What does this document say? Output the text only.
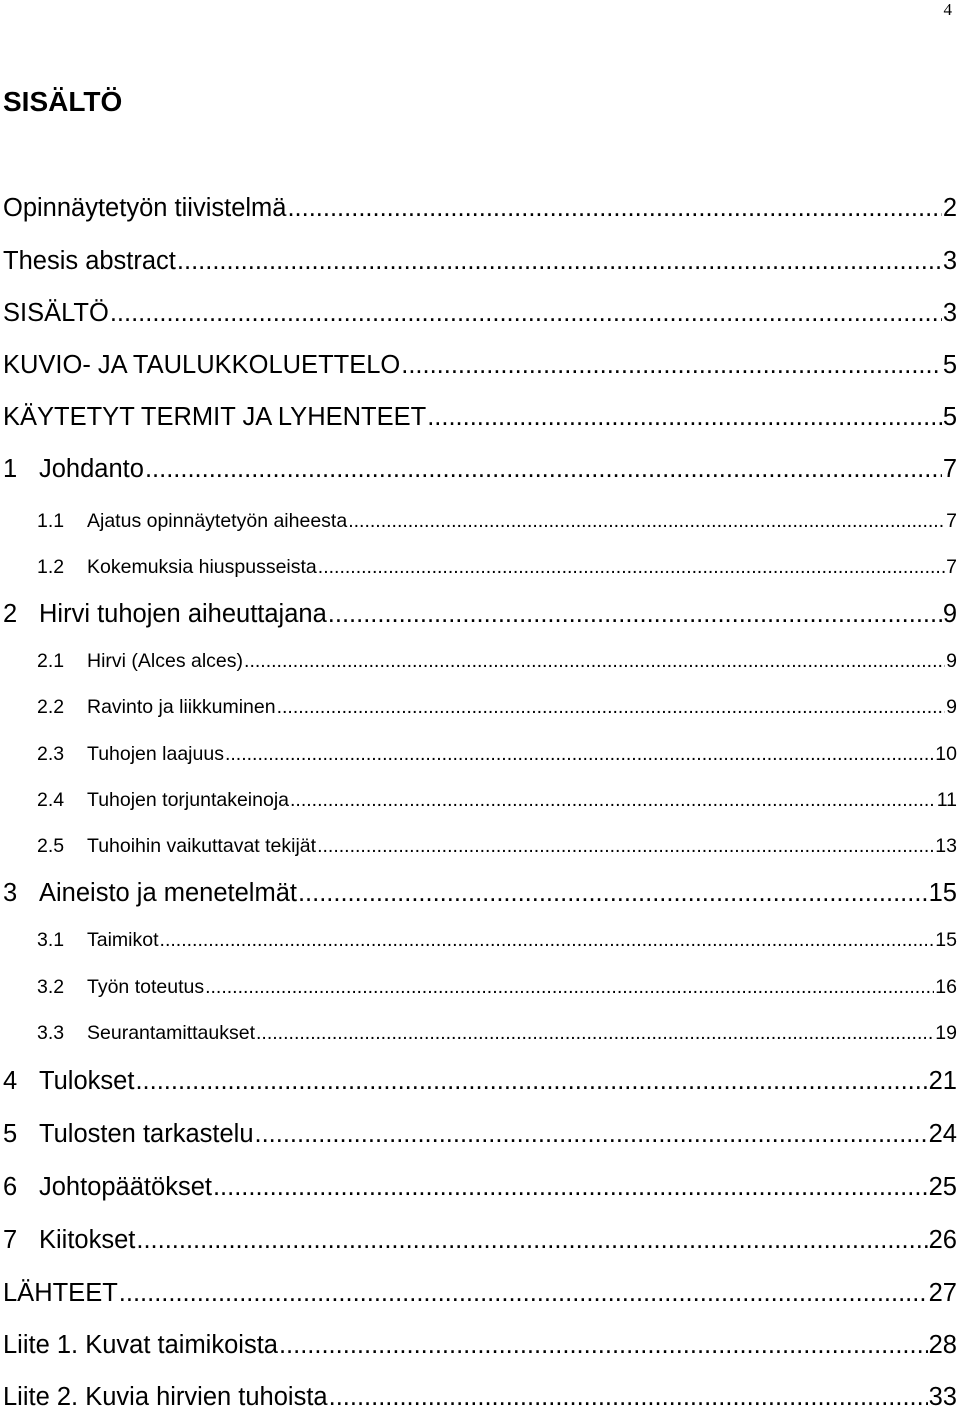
4
SISÄLTÖ
Opinnäytetyön tiivistelmä .....	2
Thesis abstract .....	3
SISÄLTÖ .....	3
KUVIO- JA TAULUKKOLUETTELO .....	5
KÄYTETYT TERMIT JA LYHENTEET .....	5
1 Johdanto .....	7
1.1	Ajatus opinnäytetyön aiheesta .....	7
1.2	Kokemuksia hiuspusseista .....	7
2 Hirvi tuhojen aiheuttajana .....	9
2.1	Hirvi (Alces alces) .....	9
2.2	Ravinto ja liikkuminen .....	9
2.3	Tuhojen laajuus .....	10
2.4	Tuhojen torjuntakeinoja .....	11
2.5	Tuhoihin vaikuttavat tekijät .....	13
3 Aineisto ja menetelmät .....	15
3.1	Taimikot .....	15
3.2	Työn toteutus .....	16
3.3	Seurantamittaukset .....	19
4 Tulokset .....	21
5 Tulosten tarkastelu .....	24
6 Johtopäätökset .....	25
7 Kiitokset .....	26
LÄHTEET .....	27
Liite 1. Kuvat taimikoista .....	28
Liite 2. Kuvia hirvien tuhoista .....	33
